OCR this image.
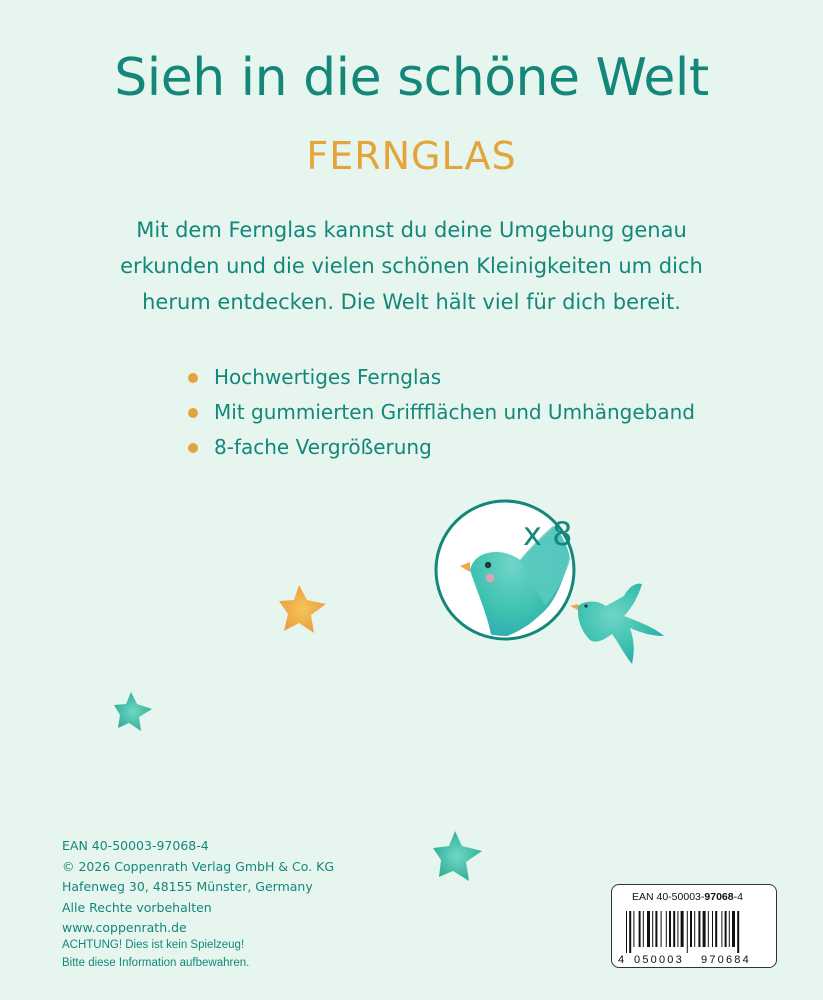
Sieh in die schöne Welt
FERNGLAS
Mit dem Fernglas kannst du deine Umgebung genau
erkunden und die vielen schönen Kleinigkeiten um dich
herum entdecken. Die Welt hält viel für dich bereit.
Hochwertiges Fernglas
Mit gummierten Griffflächen und Umhängeband
8-fache Vergrößerung
x 8
EAN 40-50003-97068-4
© 2026 Coppenrath Verlag GmbH & Co. KG
Hafenweg 30, 48155 Münster, Germany
Alle Rechte vorbehalten
www.coppenrath.de
ACHTUNG! Dies ist kein Spielzeug!
Bitte diese Information aufbewahren.
EAN 40-50003-97068-4
4 050003 970684
